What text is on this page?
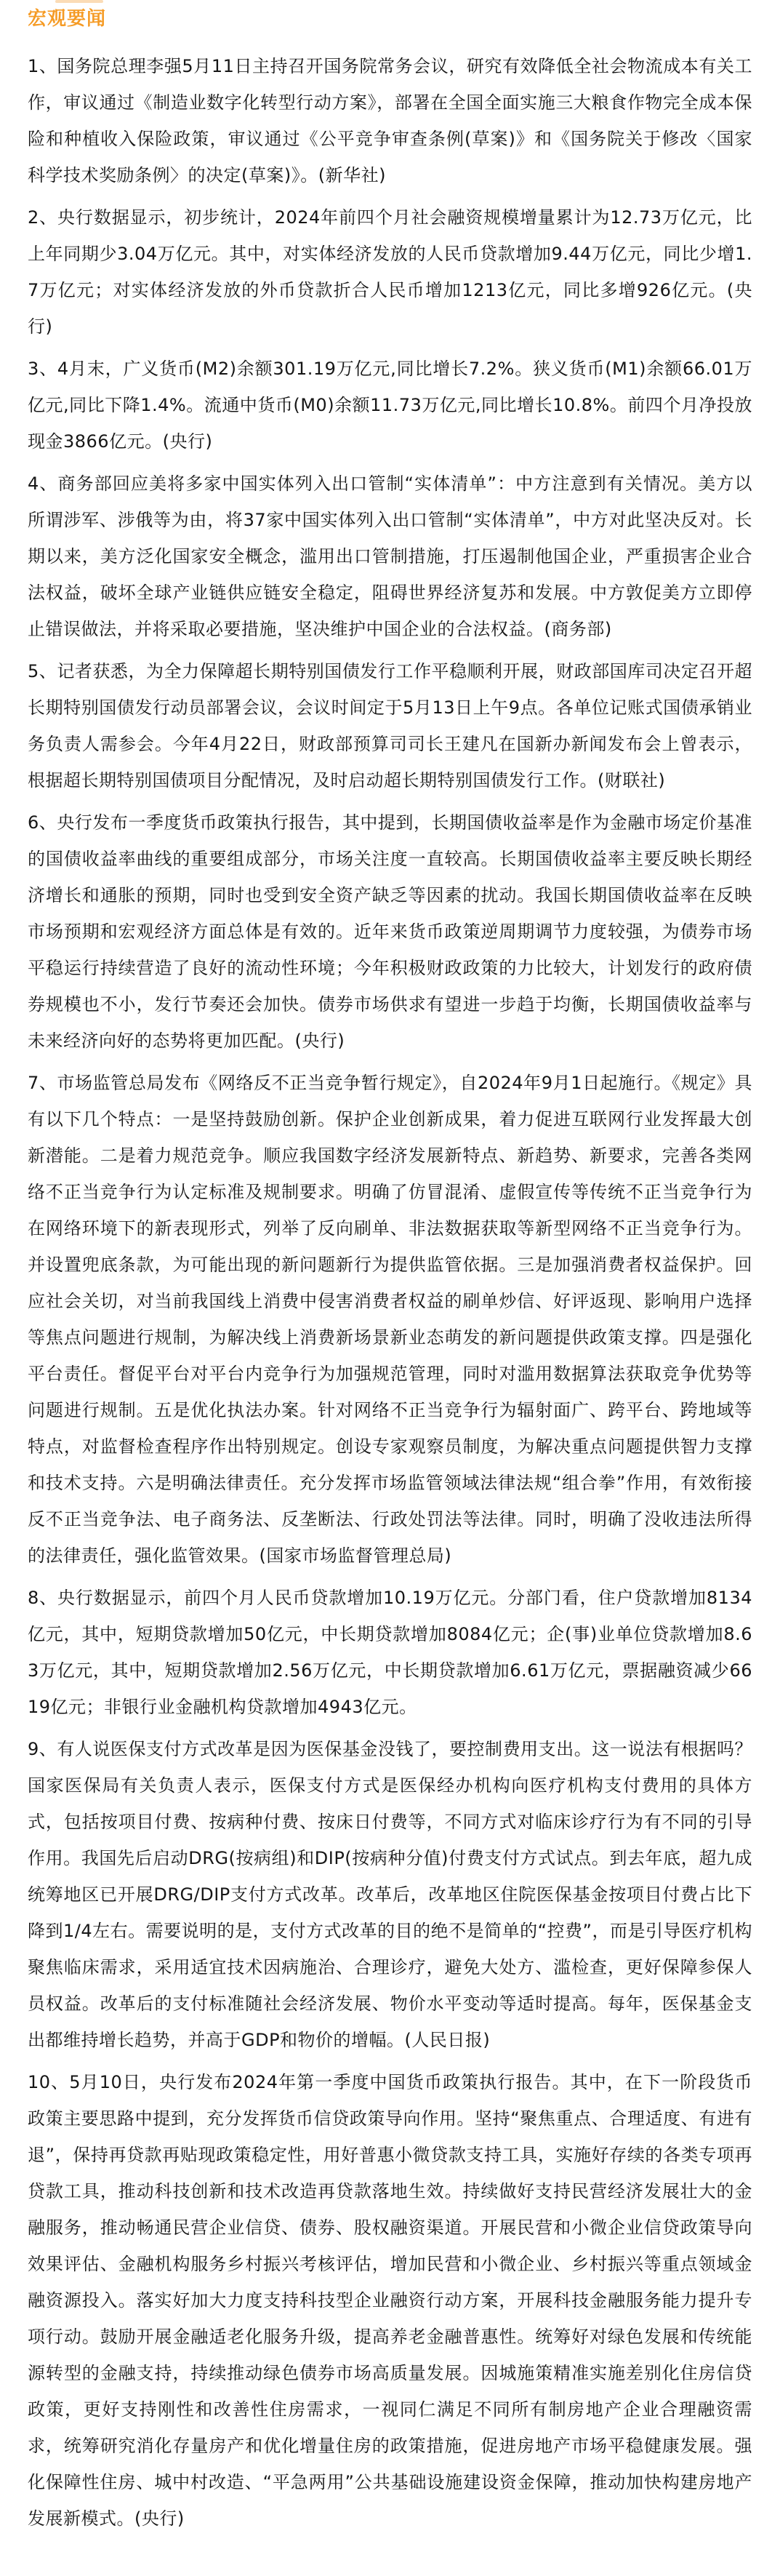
宏观要闻

1、国务院总理李强5月11日主持召开国务院常务会议，研究有效降低全社会物流成本有关工作，审议通过《制造业数字化转型行动方案》，部署在全国全面实施三大粮食作物完全成本保险和种植收入保险政策，审议通过《公平竞争审查条例(草案)》和《国务院关于修改〈国家科学技术奖励条例〉的决定(草案)》。(新华社)

2、央行数据显示，初步统计，2024年前四个月社会融资规模增量累计为12.73万亿元，比上年同期少3.04万亿元。其中，对实体经济发放的人民币贷款增加9.44万亿元，同比少增1.7万亿元；对实体经济发放的外币贷款折合人民币增加1213亿元，同比多增926亿元。(央行)

3、4月末，广义货币(M2)余额301.19万亿元,同比增长7.2%。狭义货币(M1)余额66.01万亿元,同比下降1.4%。流通中货币(M0)余额11.73万亿元,同比增长10.8%。前四个月净投放现金3866亿元。(央行)

4、商务部回应美将多家中国实体列入出口管制“实体清单”：中方注意到有关情况。美方以所谓涉军、涉俄等为由，将37家中国实体列入出口管制“实体清单”，中方对此坚决反对。长期以来，美方泛化国家安全概念，滥用出口管制措施，打压遏制他国企业，严重损害企业合法权益，破坏全球产业链供应链安全稳定，阻碍世界经济复苏和发展。中方敦促美方立即停止错误做法，并将采取必要措施，坚决维护中国企业的合法权益。(商务部)

5、记者获悉，为全力保障超长期特别国债发行工作平稳顺利开展，财政部国库司决定召开超长期特别国债发行动员部署会议，会议时间定于5月13日上午9点。各单位记账式国债承销业务负责人需参会。今年4月22日，财政部预算司司长王建凡在国新办新闻发布会上曾表示，根据超长期特别国债项目分配情况，及时启动超长期特别国债发行工作。(财联社)

6、央行发布一季度货币政策执行报告，其中提到，长期国债收益率是作为金融市场定价基准的国债收益率曲线的重要组成部分，市场关注度一直较高。长期国债收益率主要反映长期经济增长和通胀的预期，同时也受到安全资产缺乏等因素的扰动。我国长期国债收益率在反映市场预期和宏观经济方面总体是有效的。近年来货币政策逆周期调节力度较强，为债券市场平稳运行持续营造了良好的流动性环境；今年积极财政政策的力比较大，计划发行的政府债券规模也不小，发行节奏还会加快。债券市场供求有望进一步趋于均衡，长期国债收益率与未来经济向好的态势将更加匹配。(央行)

7、市场监管总局发布《网络反不正当竞争暂行规定》，自2024年9月1日起施行。《规定》具有以下几个特点：一是坚持鼓励创新。保护企业创新成果，着力促进互联网行业发挥最大创新潜能。二是着力规范竞争。顺应我国数字经济发展新特点、新趋势、新要求，完善各类网络不正当竞争行为认定标准及规制要求。明确了仿冒混淆、虚假宣传等传统不正当竞争行为在网络环境下的新表现形式，列举了反向刷单、非法数据获取等新型网络不正当竞争行为。并设置兜底条款，为可能出现的新问题新行为提供监管依据。三是加强消费者权益保护。回应社会关切，对当前我国线上消费中侵害消费者权益的刷单炒信、好评返现、影响用户选择等焦点问题进行规制，为解决线上消费新场景新业态萌发的新问题提供政策支撑。四是强化平台责任。督促平台对平台内竞争行为加强规范管理，同时对滥用数据算法获取竞争优势等问题进行规制。五是优化执法办案。针对网络不正当竞争行为辐射面广、跨平台、跨地域等特点，对监督检查程序作出特别规定。创设专家观察员制度，为解决重点问题提供智力支撑和技术支持。六是明确法律责任。充分发挥市场监管领域法律法规“组合拳”作用，有效衔接反不正当竞争法、电子商务法、反垄断法、行政处罚法等法律。同时，明确了没收违法所得的法律责任，强化监管效果。(国家市场监督管理总局)

8、央行数据显示，前四个月人民币贷款增加10.19万亿元。分部门看，住户贷款增加8134亿元，其中，短期贷款增加50亿元，中长期贷款增加8084亿元；企(事)业单位贷款增加8.63万亿元，其中，短期贷款增加2.56万亿元，中长期贷款增加6.61万亿元，票据融资减少6619亿元；非银行业金融机构贷款增加4943亿元。

9、有人说医保支付方式改革是因为医保基金没钱了，要控制费用支出。这一说法有根据吗？国家医保局有关负责人表示，医保支付方式是医保经办机构向医疗机构支付费用的具体方式，包括按项目付费、按病种付费、按床日付费等，不同方式对临床诊疗行为有不同的引导作用。我国先后启动DRG(按病组)和DIP(按病种分值)付费支付方式试点。到去年底，超九成统筹地区已开展DRG/DIP支付方式改革。改革后，改革地区住院医保基金按项目付费占比下降到1/4左右。需要说明的是，支付方式改革的目的绝不是简单的“控费”，而是引导医疗机构聚焦临床需求，采用适宜技术因病施治、合理诊疗，避免大处方、滥检查，更好保障参保人员权益。改革后的支付标准随社会经济发展、物价水平变动等适时提高。每年，医保基金支出都维持增长趋势，并高于GDP和物价的增幅。(人民日报)

10、5月10日，央行发布2024年第一季度中国货币政策执行报告。其中，在下一阶段货币政策主要思路中提到，充分发挥货币信贷政策导向作用。坚持“聚焦重点、合理适度、有进有退”，保持再贷款再贴现政策稳定性，用好普惠小微贷款支持工具，实施好存续的各类专项再贷款工具，推动科技创新和技术改造再贷款落地生效。持续做好支持民营经济发展壮大的金融服务，推动畅通民营企业信贷、债券、股权融资渠道。开展民营和小微企业信贷政策导向效果评估、金融机构服务乡村振兴考核评估，增加民营和小微企业、乡村振兴等重点领域金融资源投入。落实好加大力度支持科技型企业融资行动方案，开展科技金融服务能力提升专项行动。鼓励开展金融适老化服务升级，提高养老金融普惠性。统筹好对绿色发展和传统能源转型的金融支持，持续推动绿色债券市场高质量发展。因城施策精准实施差别化住房信贷政策，更好支持刚性和改善性住房需求，一视同仁满足不同所有制房地产企业合理融资需求，统筹研究消化存量房产和优化增量住房的政策措施，促进房地产市场平稳健康发展。强化保障性住房、城中村改造、“平急两用”公共基础设施建设资金保障，推动加快构建房地产发展新模式。(央行)
